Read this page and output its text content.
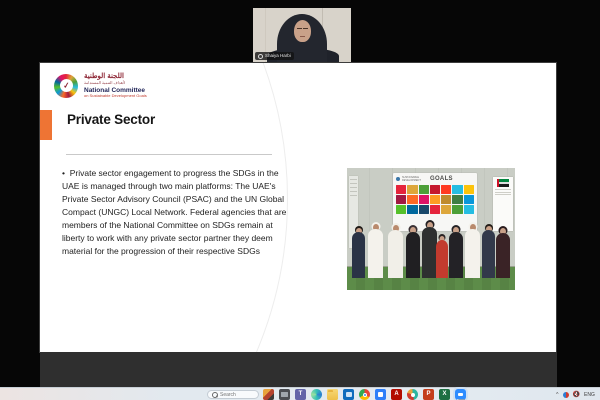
Shaiya Harbi
✓
اللجنة الوطنية
لأهداف التنمية المستدامة
National Committee
on Sustainable Development Goals
Private Sector
• Private sector engagement to progress the SDGs in the UAE is managed through two main platforms: The UAE's Private Sector Advisory Council (PSAC) and the UN Global Compact (UNGC) Local Network. Federal agencies that are members of the National Committee on SDGs remain at liberty to work with any private sector partner they deem material for the progression of their respective SDGs
SUSTAINABLE DEVELOPMENT	GOALS
Search
T	A	P	X	^ 🔇 ENG
